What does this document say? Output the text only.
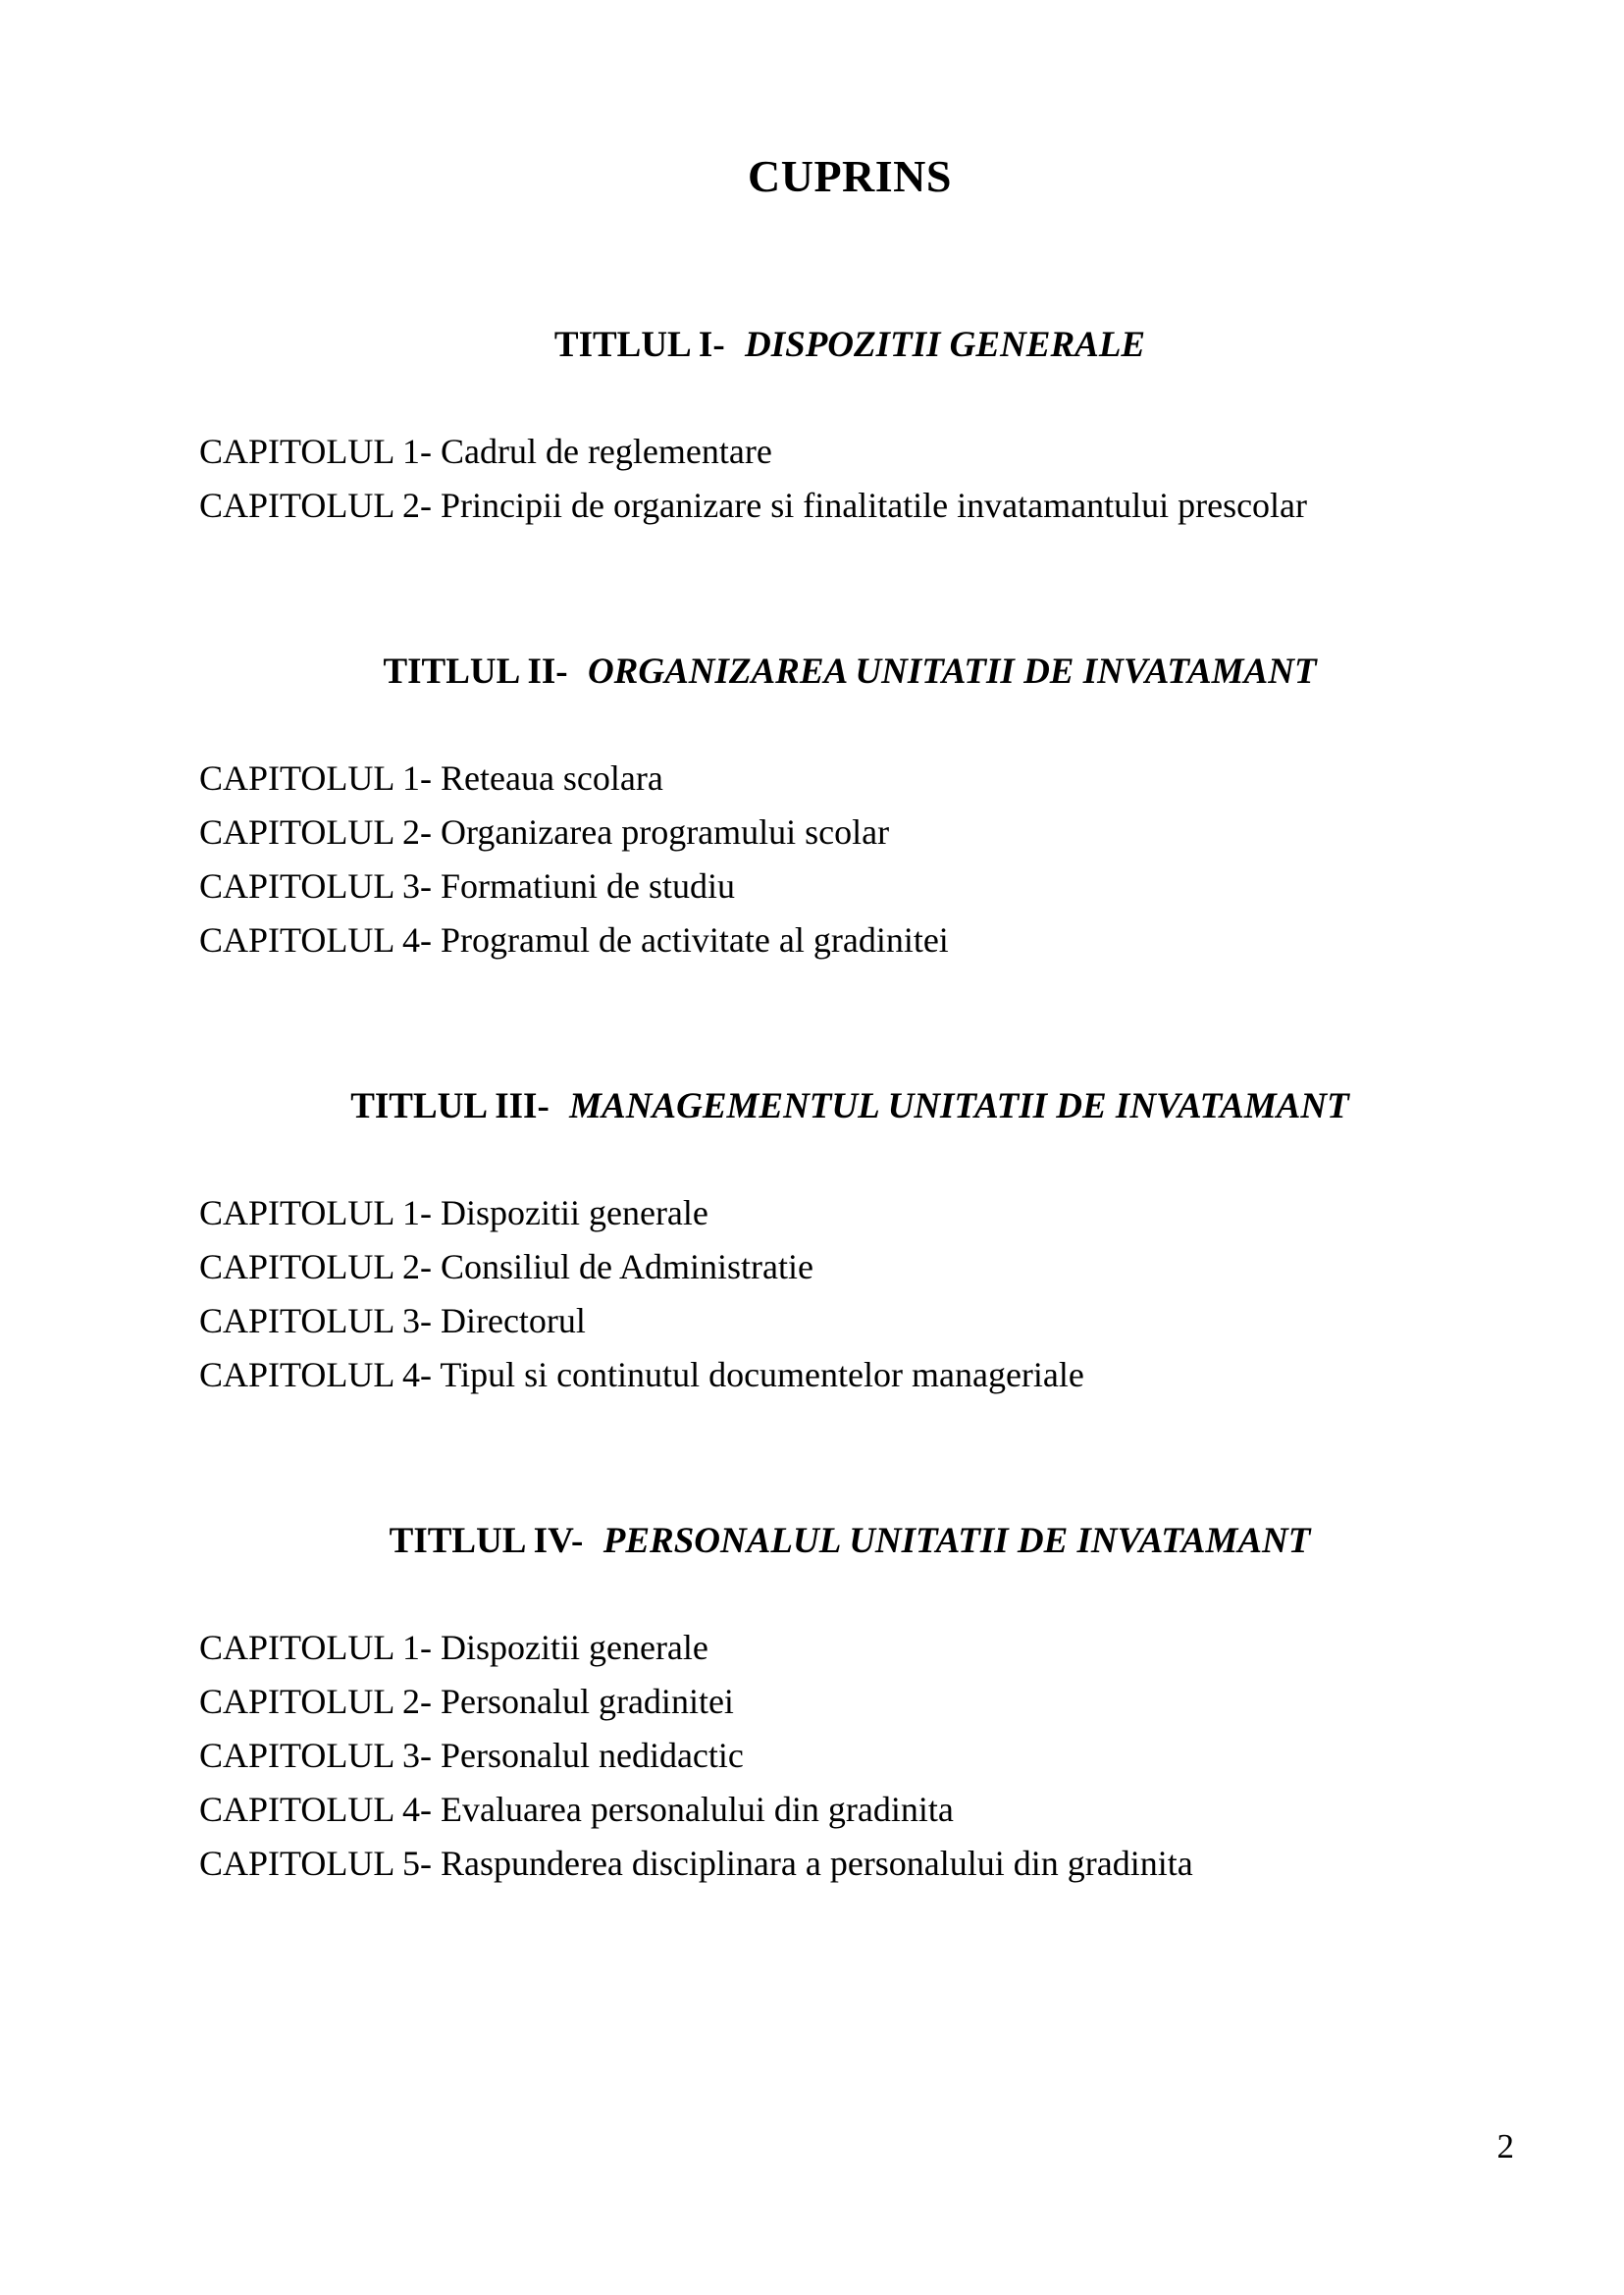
CUPRINS
TITLUL I- DISPOZITII GENERALE
CAPITOLUL 1- Cadrul de reglementare
CAPITOLUL 2- Principii de organizare si finalitatile invatamantului prescolar
TITLUL II- ORGANIZAREA UNITATII DE INVATAMANT
CAPITOLUL 1- Reteaua scolara
CAPITOLUL 2- Organizarea programului scolar
CAPITOLUL 3- Formatiuni de studiu
CAPITOLUL 4- Programul de activitate al gradinitei
TITLUL III- MANAGEMENTUL UNITATII DE INVATAMANT
CAPITOLUL 1- Dispozitii generale
CAPITOLUL 2- Consiliul de Administratie
CAPITOLUL 3- Directorul
CAPITOLUL 4- Tipul si continutul documentelor manageriale
TITLUL IV- PERSONALUL UNITATII DE INVATAMANT
CAPITOLUL 1- Dispozitii generale
CAPITOLUL 2- Personalul gradinitei
CAPITOLUL 3- Personalul nedidactic
CAPITOLUL 4- Evaluarea personalului din gradinita
CAPITOLUL 5- Raspunderea disciplinara a personalului din gradinita
2
